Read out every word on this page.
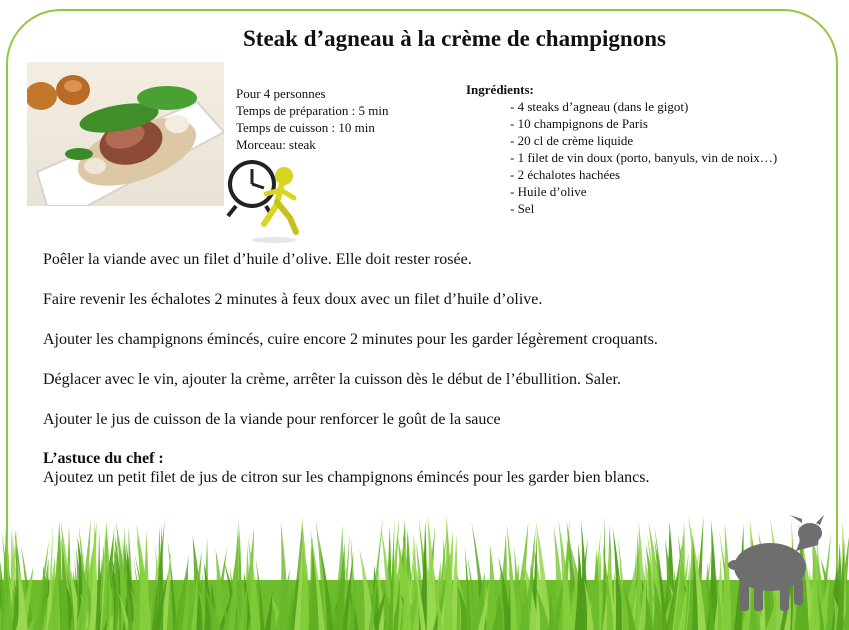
Steak d’agneau à la crème de champignons
Pour 4 personnes
Temps de préparation : 5 min
Temps de cuisson : 10 min
Morceau: steak
Ingrédients:
- 4 steaks d’agneau (dans le gigot)
- 10 champignons de Paris
- 20 cl de crème liquide
- 1 filet de vin doux (porto, banyuls, vin de noix…)
- 2 échalotes hachées
- Huile d’olive
- Sel
Poêler la viande avec un filet d’huile d’olive. Elle doit rester rosée.
Faire revenir les échalotes 2 minutes à feux doux avec un filet d’huile d’olive.
Ajouter les champignons émincés, cuire encore 2 minutes pour les garder légèrement croquants.
Déglacer avec le vin, ajouter la crème, arrêter la cuisson dès le début de l’ébullition. Saler.
Ajouter le jus de cuisson de la viande pour renforcer le goût de la sauce
L’astuce du chef :
Ajoutez un petit filet de jus de citron sur les champignons émincés pour les garder bien blancs.
